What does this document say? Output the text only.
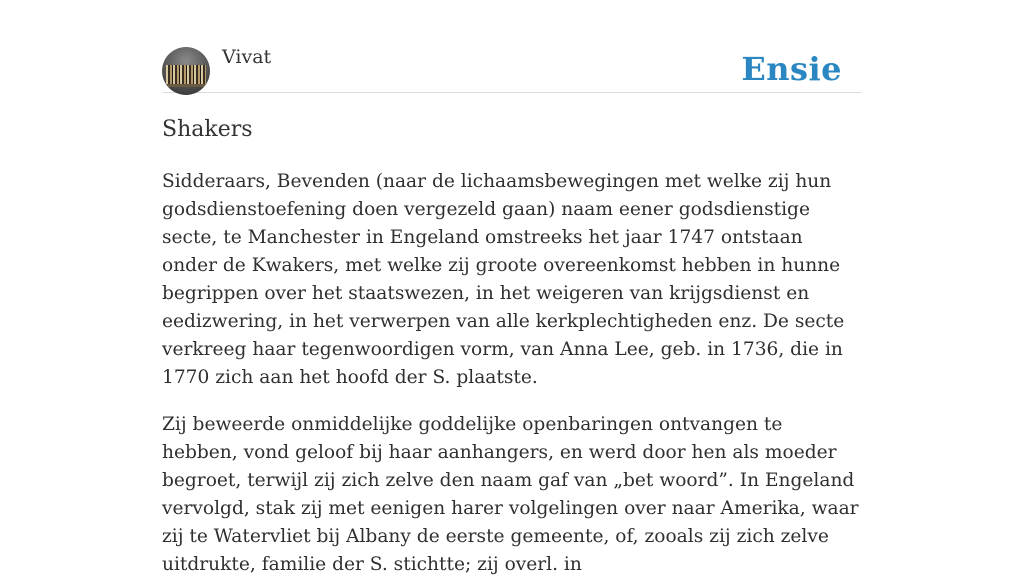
Vivat	Ensie
Shakers

Sidderaars, Bevenden (naar de lichaamsbewegingen met welke zij hun godsdienstoefening doen vergezeld gaan) naam eener godsdienstige secte, te Manchester in Engeland omstreeks het jaar 1747 ontstaan onder de Kwakers, met welke zij groote overeenkomst hebben in hunne begrippen over het staatswezen, in het weigeren van krijgsdienst en eedizwering, in het verwerpen van alle kerkplechtigheden enz. De secte verkreeg haar tegenwoordigen vorm, van Anna Lee, geb. in 1736, die in 1770 zich aan het hoofd der S. plaatste.

Zij beweerde onmiddelijke goddelijke openbaringen ontvangen te hebben, vond geloof bij haar aanhangers, en werd door hen als moeder begroet, terwijl zij zich zelve den naam gaf van „bet woord”. In Engeland vervolgd, stak zij met eenigen harer volgelingen over naar Amerika, waar zij te Watervliet bij Albany de eerste gemeente, of, zooals zij zich zelve uitdrukte, familie der S. stichtte; zij overl. in
